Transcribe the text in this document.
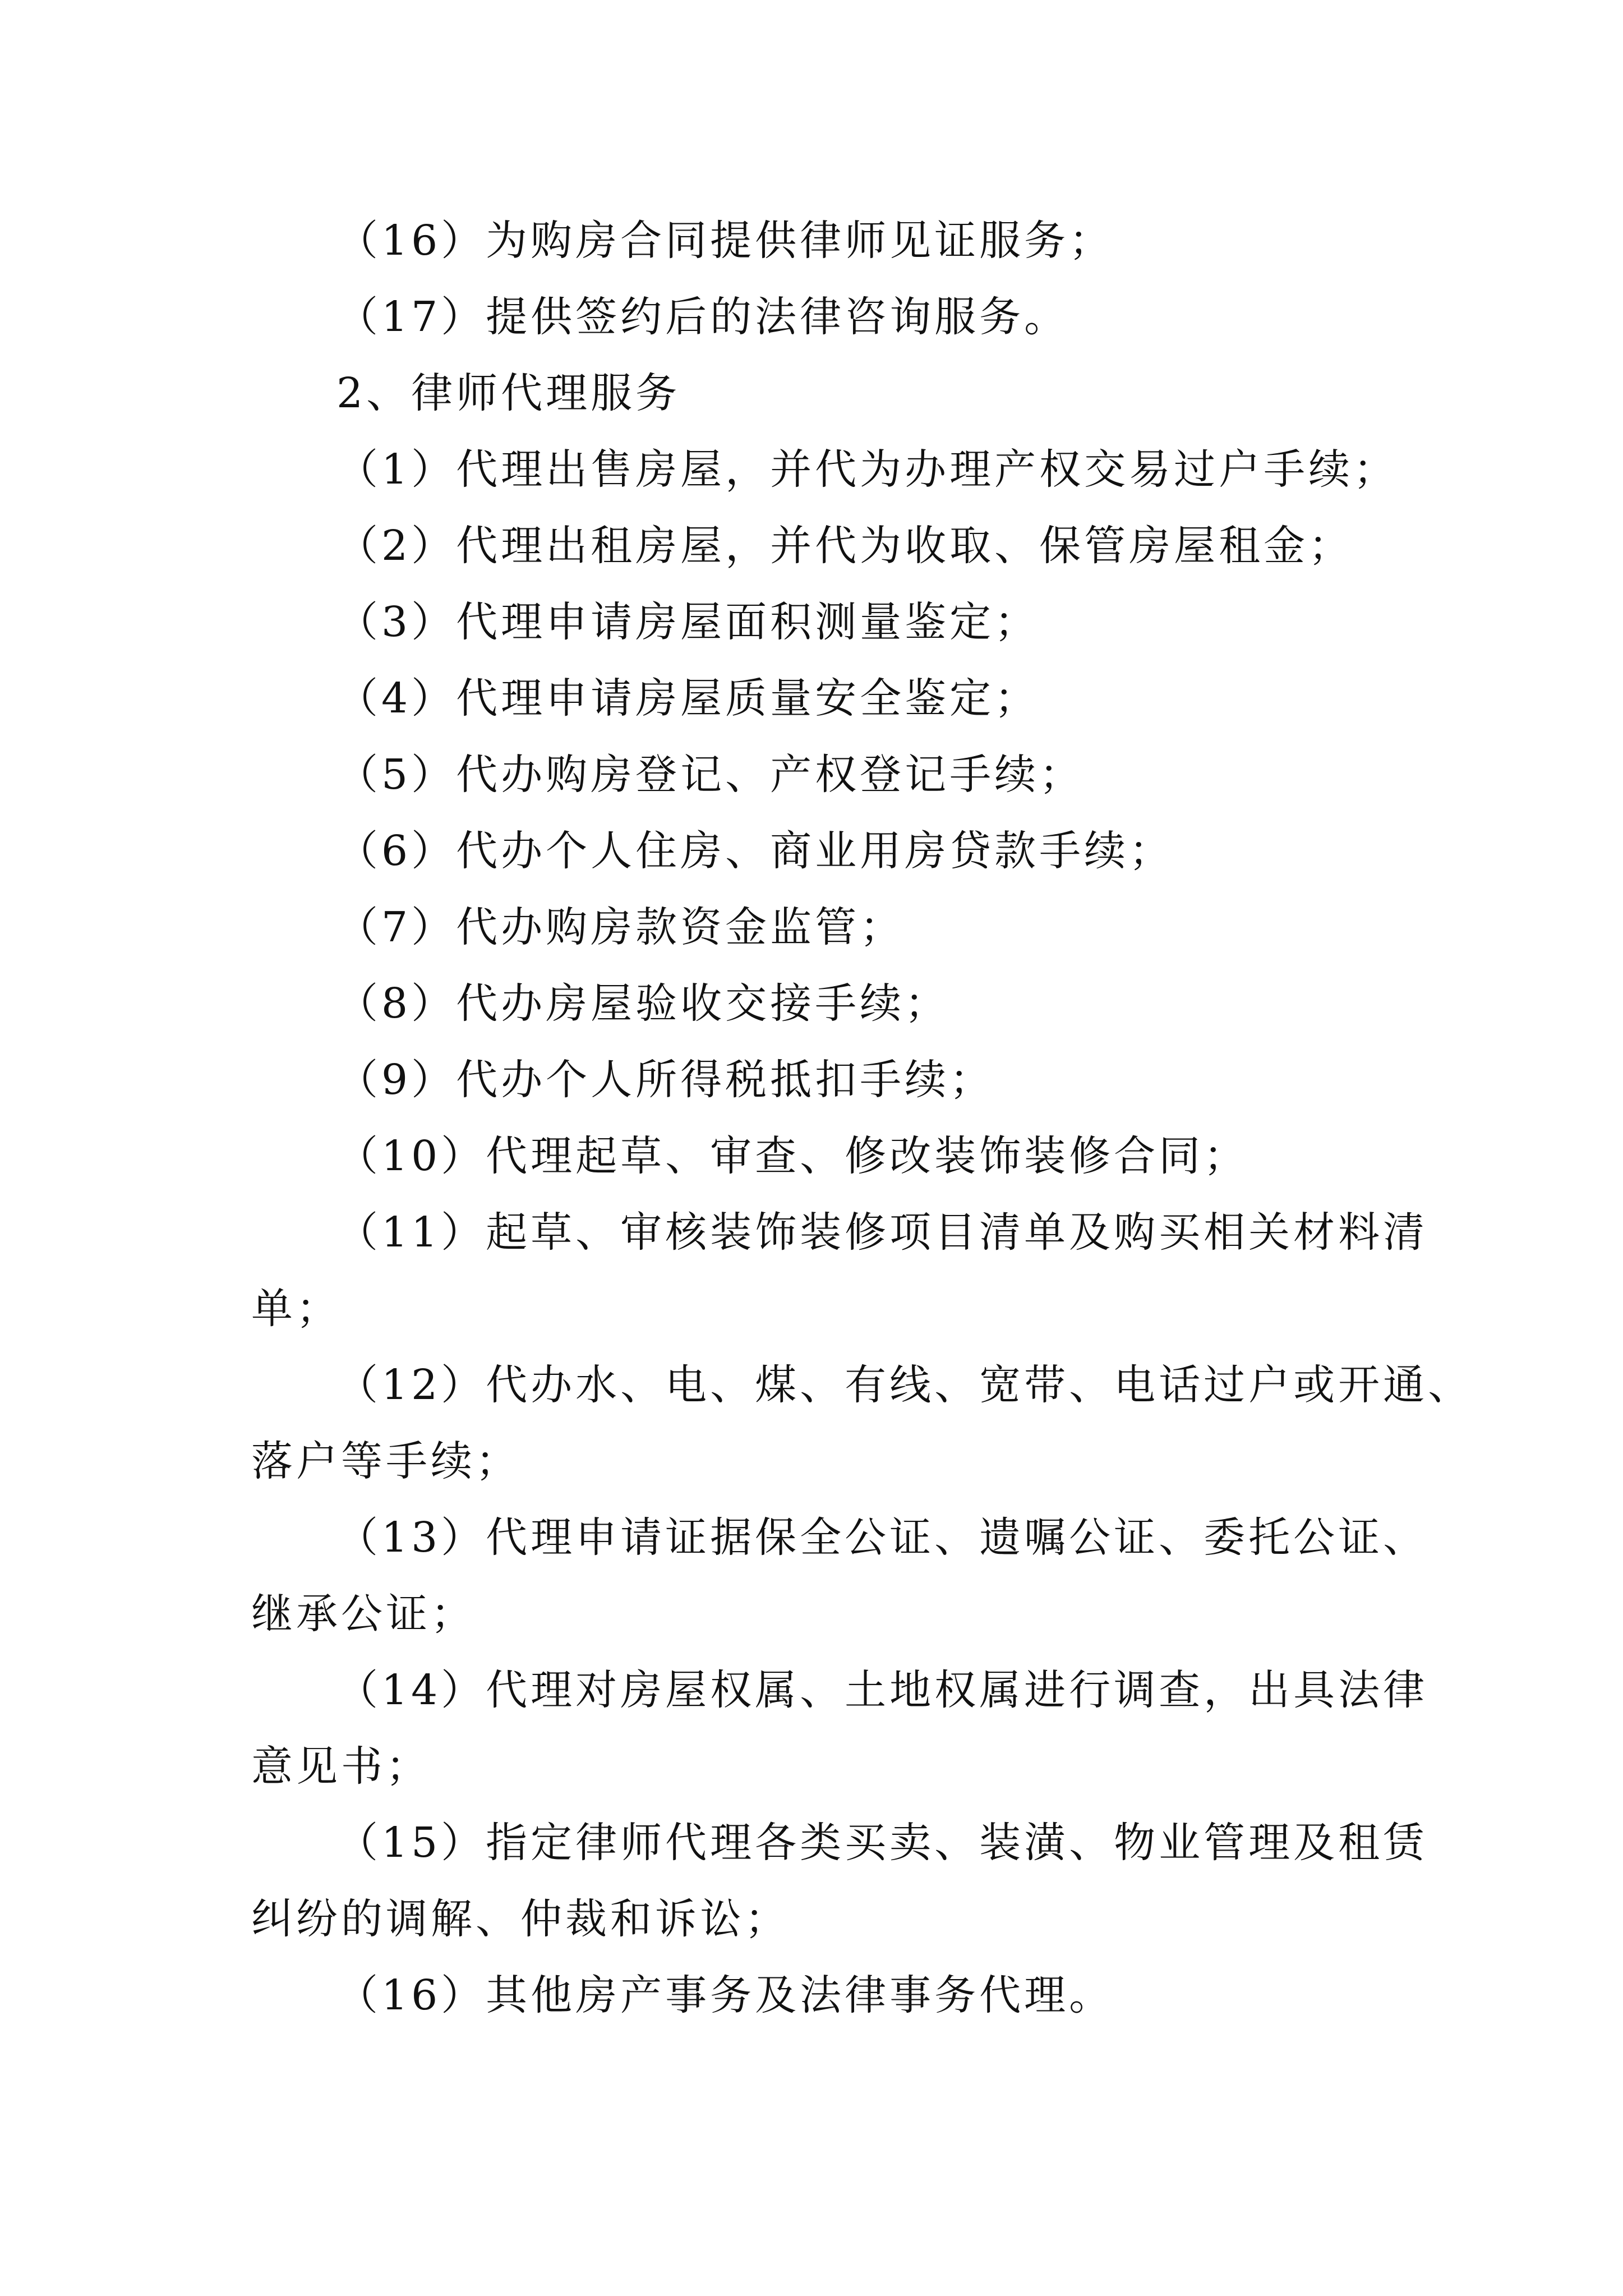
（16）为购房合同提供律师见证服务；

（17）提供签约后的法律咨询服务。

2、律师代理服务

（1）代理出售房屋，并代为办理产权交易过户手续；

（2）代理出租房屋，并代为收取、保管房屋租金；

（3）代理申请房屋面积测量鉴定；

（4）代理申请房屋质量安全鉴定；

（5）代办购房登记、产权登记手续；

（6）代办个人住房、商业用房贷款手续；

（7）代办购房款资金监管；

（8）代办房屋验收交接手续；

（9）代办个人所得税抵扣手续；

（10）代理起草、审查、修改装饰装修合同；

（11）起草、审核装饰装修项目清单及购买相关材料清

单；

（12）代办水、电、煤、有线、宽带、电话过户或开通、

落户等手续；

（13）代理申请证据保全公证、遗嘱公证、委托公证、

继承公证；

（14）代理对房屋权属、土地权属进行调查，出具法律

意见书；

（15）指定律师代理各类买卖、装潢、物业管理及租赁

纠纷的调解、仲裁和诉讼；

（16）其他房产事务及法律事务代理。
